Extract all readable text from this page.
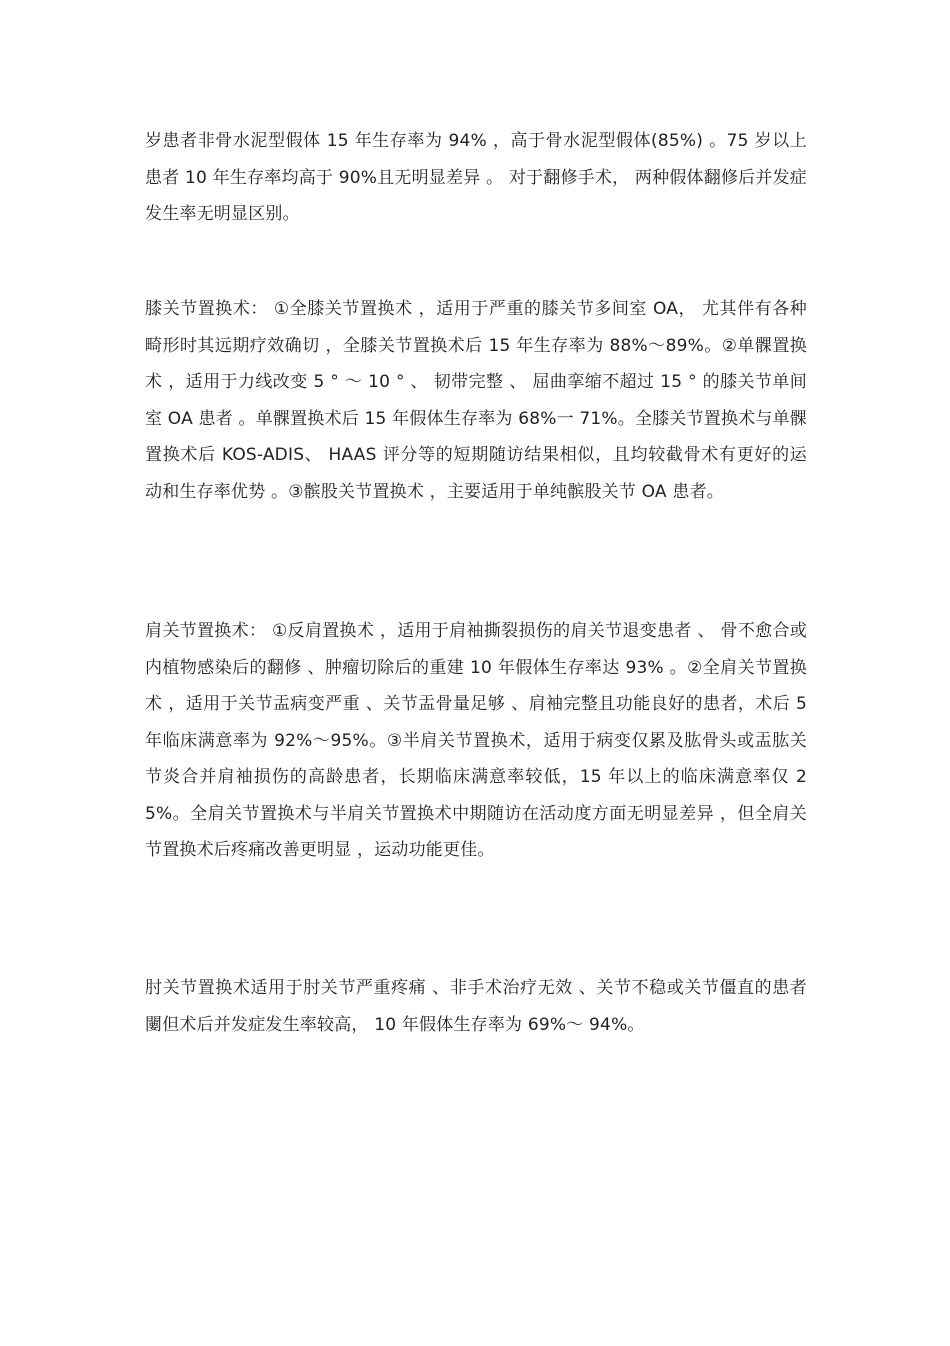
岁患者非骨水泥型假体 15 年生存率为 94% ，高于骨水泥型假体(85%) 。75 岁以上患者 10 年生存率均高于 90%且无明显差异 。 对于翻修手术， 两种假体翻修后并发症发生率无明显区别。

膝关节置换术： ①全膝关节置换术 ，适用于严重的膝关节多间室 OA， 尤其伴有各种畸形时其远期疗效确切 ，全膝关节置换术后 15 年生存率为 88%～89%。②单髁置换术 ，适用于力线改变 5 ° ～ 10 ° 、 韧带完整 、 屈曲挛缩不超过 15 ° 的膝关节单间室 OA 患者 。单髁置换术后 15 年假体生存率为 68%一 71%。全膝关节置换术与单髁置换术后 KOS-ADIS、 HAAS 评分等的短期随访结果相似，且均较截骨术有更好的运动和生存率优势 。③髌股关节置换术 ，主要适用于单纯髌股关节 OA 患者。

肩关节置换术： ①反肩置换术 ，适用于肩袖撕裂损伤的肩关节退变患者 、 骨不愈合或内植物感染后的翻修 、肿瘤切除后的重建 10 年假体生存率达 93% 。②全肩关节置换术 ，适用于关节盂病变严重 、关节盂骨量足够 、肩袖完整且功能良好的患者，术后 5 年临床满意率为 92%～95%。③半肩关节置换术，适用于病变仅累及肱骨头或盂肱关节炎合并肩袖损伤的高龄患者，长期临床满意率较低，15 年以上的临床满意率仅 25%。全肩关节置换术与半肩关节置换术中期随访在活动度方面无明显差异 ，但全肩关节置换术后疼痛改善更明显 ，运动功能更佳。

肘关节置换术适用于肘关节严重疼痛 、非手术治疗无效 、关节不稳或关节僵直的患者闄但术后并发症发生率较高， 10 年假体生存率为 69%～ 94%。
